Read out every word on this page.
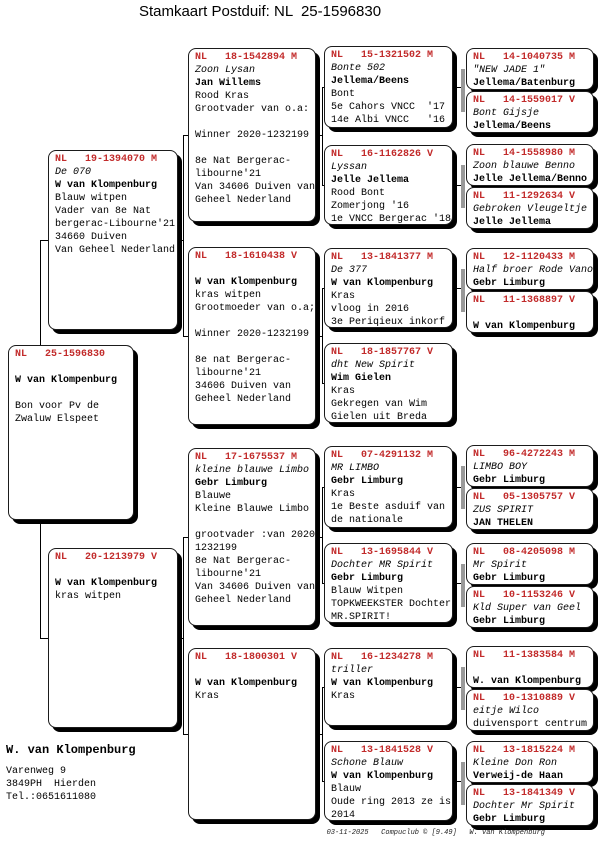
Stamkaart Postduif: NL  25-1596830
NL   25-1596830

W van Klompenburg

Bon voor Pv de
Zwaluw Elspeet
NL   19-1394070 M
De 070
W van Klompenburg
Blauw witpen
Vader van 8e Nat
bergerac-Libourne'21
34660 Duiven
Van Geheel Nederland
NL   20-1213979 V

W van Klompenburg
kras witpen
NL   18-1542894 M
Zoon Lysan
Jan Willems
Rood Kras
Grootvader van o.a:

Winner 2020-1232199

8e Nat Bergerac-
libourne'21
Van 34606 Duiven van
Geheel Nederland
NL   18-1610438 V

W van Klompenburg
kras witpen
Grootmoeder van o.a;

Winner 2020-1232199

8e nat Bergerac-
libourne'21
34606 Duiven van
Geheel Nederland
NL   17-1675537 M
kleine blauwe Limbo
Gebr Limburg
Blauwe
Kleine Blauwe Limbo

grootvader :van 2020
1232199
8e Nat Bergerac-
libourne'21
Van 34606 Duiven van
Geheel Nederland
NL   18-1800301 V

W van Klompenburg
Kras
NL   15-1321502 M
Bonte 502
Jellema/Beens
Bont
5e Cahors VNCC  '17
14e Albi VNCC   '16
NL   16-1162826 V
Lyssan
Jelle Jellema
Rood Bont
Zomerjong '16
1e VNCC Bergerac '18
NL   13-1841377 M
De 377
W van Klompenburg
Kras
vloog in 2016
3e Periqieux inkorf
NL   18-1857767 V
dht New Spirit
Wim Gielen
Kras
Gekregen van Wim
Gielen uit Breda
NL   07-4291132 M
MR LIMBO
Gebr Limburg
Kras
1e Beste asduif van
de nationale
NL   13-1695844 V
Dochter MR Spirit
Gebr Limburg
Blauw Witpen
TOPKWEEKSTER Dochter
MR.SPIRIT!
NL   16-1234278 M
triller
W van Klompenburg
Kras
NL   13-1841528 V
Schone Blauw
W van Klompenburg
Blauw
Oude ring 2013 ze is
2014
NL   14-1040735 M
"NEW JADE 1"
Jellema/Batenburg
NL   14-1559017 V
Bont Gijsje
Jellema/Beens
NL   14-1558980 M
Zoon blauwe Benno
Jelle Jellema/Benno
NL   11-1292634 V
Gebroken Vleugeltje
Jelle Jellema
NL   12-1120433 M
Half broer Rode Vano
Gebr Limburg
NL   11-1368897 V

W van Klompenburg
NL   96-4272243 M
LIMBO BOY
Gebr Limburg
NL   05-1305757 V
ZUS SPIRIT
JAN THELEN
NL   08-4205098 M
Mr Spirit
Gebr Limburg
NL   10-1153246 V
Kld Super van Geel
Gebr Limburg
NL   11-1383584 M

W. van Klompenburg
NL   10-1310889 V
eitje Wilco
duivensport centrum
NL   13-1815224 M
Kleine Don Ron
Verweij-de Haan
NL   13-1841349 V
Dochter Mr Spirit
Gebr Limburg
W. van Klompenburg
Varenweg 9
3849PH  Hierden
Tel.:0651611080
03-11-2025   Compuclub © [9.49]   W. van Klompenburg
